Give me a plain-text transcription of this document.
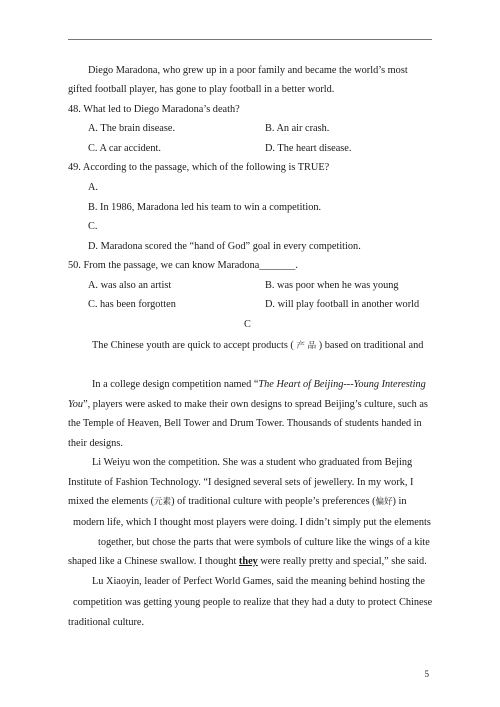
Diego Maradona, who grew up in a poor family and became the world’s most
gifted football player, has gone to play football in a better world.
48. What led to Diego Maradona’s death?
A. The brain disease.	B. An air crash.
C. A car accident.	D. The heart disease.
49. According to the passage, which of the following is TRUE?
A.
B. In 1986, Maradona led his team to win a competition.
C.
D. Maradona scored the “hand of God” goal in every competition.
50. From the passage, we can know Maradona_______.
A. was also an artist	B. was poor when he was young
C. has been forgotten	D. will play football in another world
C
The Chinese youth are quick to accept products ( 产 品 ) based on traditional and
In a college design competition named “The Heart of Beijing---Young Interesting
You”, players were asked to make their own designs to spread Beijing’s culture, such as
the Temple of Heaven, Bell Tower and Drum Tower. Thousands of students handed in
their designs.
Li Weiyu won the competition. She was a student who graduated from Bejing
Institute of Fashion Technology. “I designed several sets of jewellery. In my work, I
mixed the elements (元素) of traditional culture with people’s preferences (偏好) in
modern life, which I thought most players were doing. I didn’t simply put the elements
together, but chose the parts that were symbols of culture like the wings of a kite
shaped like a Chinese swallow. I thought they were really pretty and special,” she said.
Lu Xiaoyin, leader of Perfect World Games, said the meaning behind hosting the
competition was getting young people to realize that they had a duty to protect Chinese
traditional culture.
5
